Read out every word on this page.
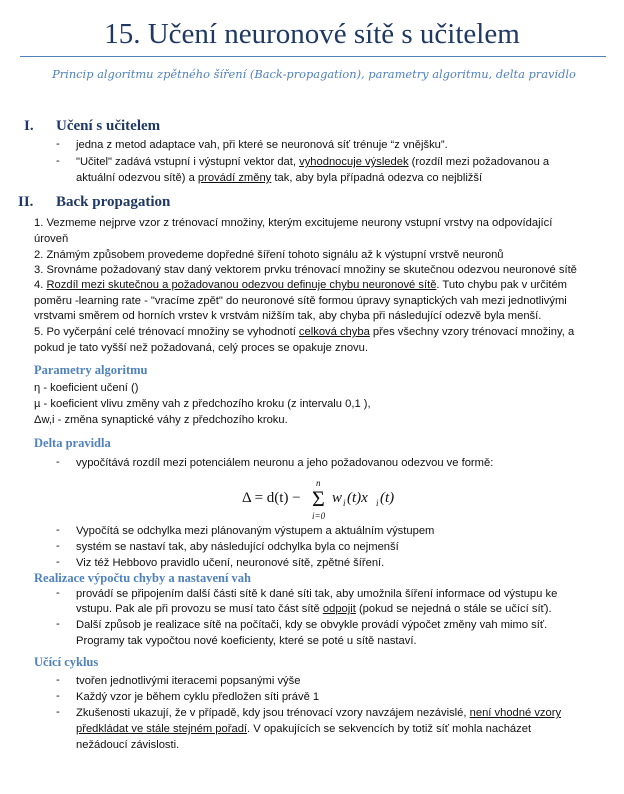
15. Učení neuronové sítě s učitelem
Princip algoritmu zpětného šíření (Back-propagation), parametry algoritmu, delta pravidlo
I. Učení s učitelem
- jedna z metod adaptace vah, při které se neuronová síť trénuje “z vnějšku”.
- "Učitel" zadává vstupní i výstupní vektor dat, vyhodnocuje výsledek (rozdíl mezi požadovanou a
aktuální odezvou sítě) a provádí změny tak, aby byla případná odezva co nejbližší
II. Back propagation
1. Vezmeme nejprve vzor z trénovací množiny, kterým excitujeme neurony vstupní vrstvy na odpovídající
úroveň
2. Známým způsobem provedeme dopředné šíření tohoto signálu až k výstupní vrstvě neuronů
3. Srovnáme požadovaný stav daný vektorem prvku trénovací množiny se skutečnou odezvou neuronové sítě
4. Rozdíl mezi skutečnou a požadovanou odezvou definuje chybu neuronové sítě. Tuto chybu pak v určitém
poměru -learning rate - "vracíme zpět" do neuronové sítě formou úpravy synaptických vah mezi jednotlivými
vrstvami směrem od horních vrstev k vrstvám nižším tak, aby chyba při následující odezvě byla menší.
5. Po vyčerpání celé trénovací množiny se vyhodnotí celková chyba přes všechny vzory trénovací množiny, a
pokud je tato vyšší než požadovaná, celý proces se opakuje znovu.
Parametry algoritmu
η - koeficient učení ()
µ - koeficient vlivu změny vah z předchozího kroku (z intervalu 0,1 ),
Δw,i - změna synaptické váhy z předchozího kroku.
Delta pravidla
- vypočítává rozdíl mezi potenciálem neuronu a jeho požadovanou odezvou ve formě:
Δ = d(t) −
n
Σ
i=0
w i (t)x i (t)
- Vypočítá se odchylka mezi plánovaným výstupem a aktuálním výstupem
- systém se nastaví tak, aby následující odchylka byla co nejmenší
- Viz též Hebbovo pravidlo učení, neuronové sítě, zpětné šíření.
Realizace výpočtu chyby a nastavení vah
- provádí se připojením další části sítě k dané síti tak, aby umožnila šíření informace od výstupu ke
vstupu. Pak ale při provozu se musí tato část sítě odpojit (pokud se nejedná o stále se učící síť).
- Další způsob je realizace sítě na počítači, kdy se obvykle provádí výpočet změny vah mimo síť.
Programy tak vypočtou nové koeficienty, které se poté u sítě nastaví.
Učící cyklus
- tvořen jednotlivými iteracemi popsanými výše
- Každý vzor je během cyklu předložen síti právě 1
- Zkušenosti ukazují, že v případě, kdy jsou trénovací vzory navzájem nezávislé, není vhodné vzory
předkládat ve stále stejném pořadí. V opakujících se sekvencích by totiž síť mohla nacházet
nežádoucí závislosti.
